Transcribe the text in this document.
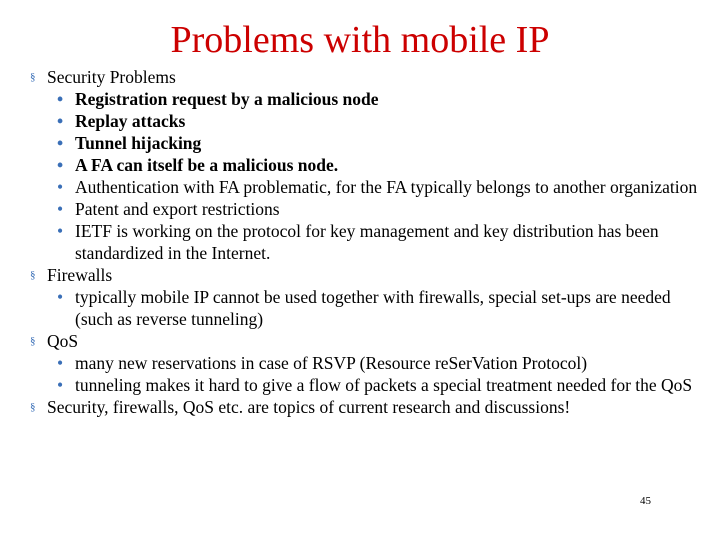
Problems with mobile IP
§ Security Problems
• Registration request by a malicious node
• Replay attacks
• Tunnel hijacking
• A FA can itself be a malicious node.
• Authentication with FA problematic, for the FA typically belongs to another organization
• Patent and export restrictions
• IETF is working on the protocol for key management and key distribution has been standardized in the Internet.
§ Firewalls
• typically mobile IP cannot be used together with firewalls, special set-ups are needed (such as reverse tunneling)
§ QoS
• many new reservations in case of RSVP (Resource reSerVation Protocol)
• tunneling makes it hard to give a flow of packets a special treatment needed for the QoS
§ Security, firewalls, QoS etc. are topics of current research and discussions!
45
